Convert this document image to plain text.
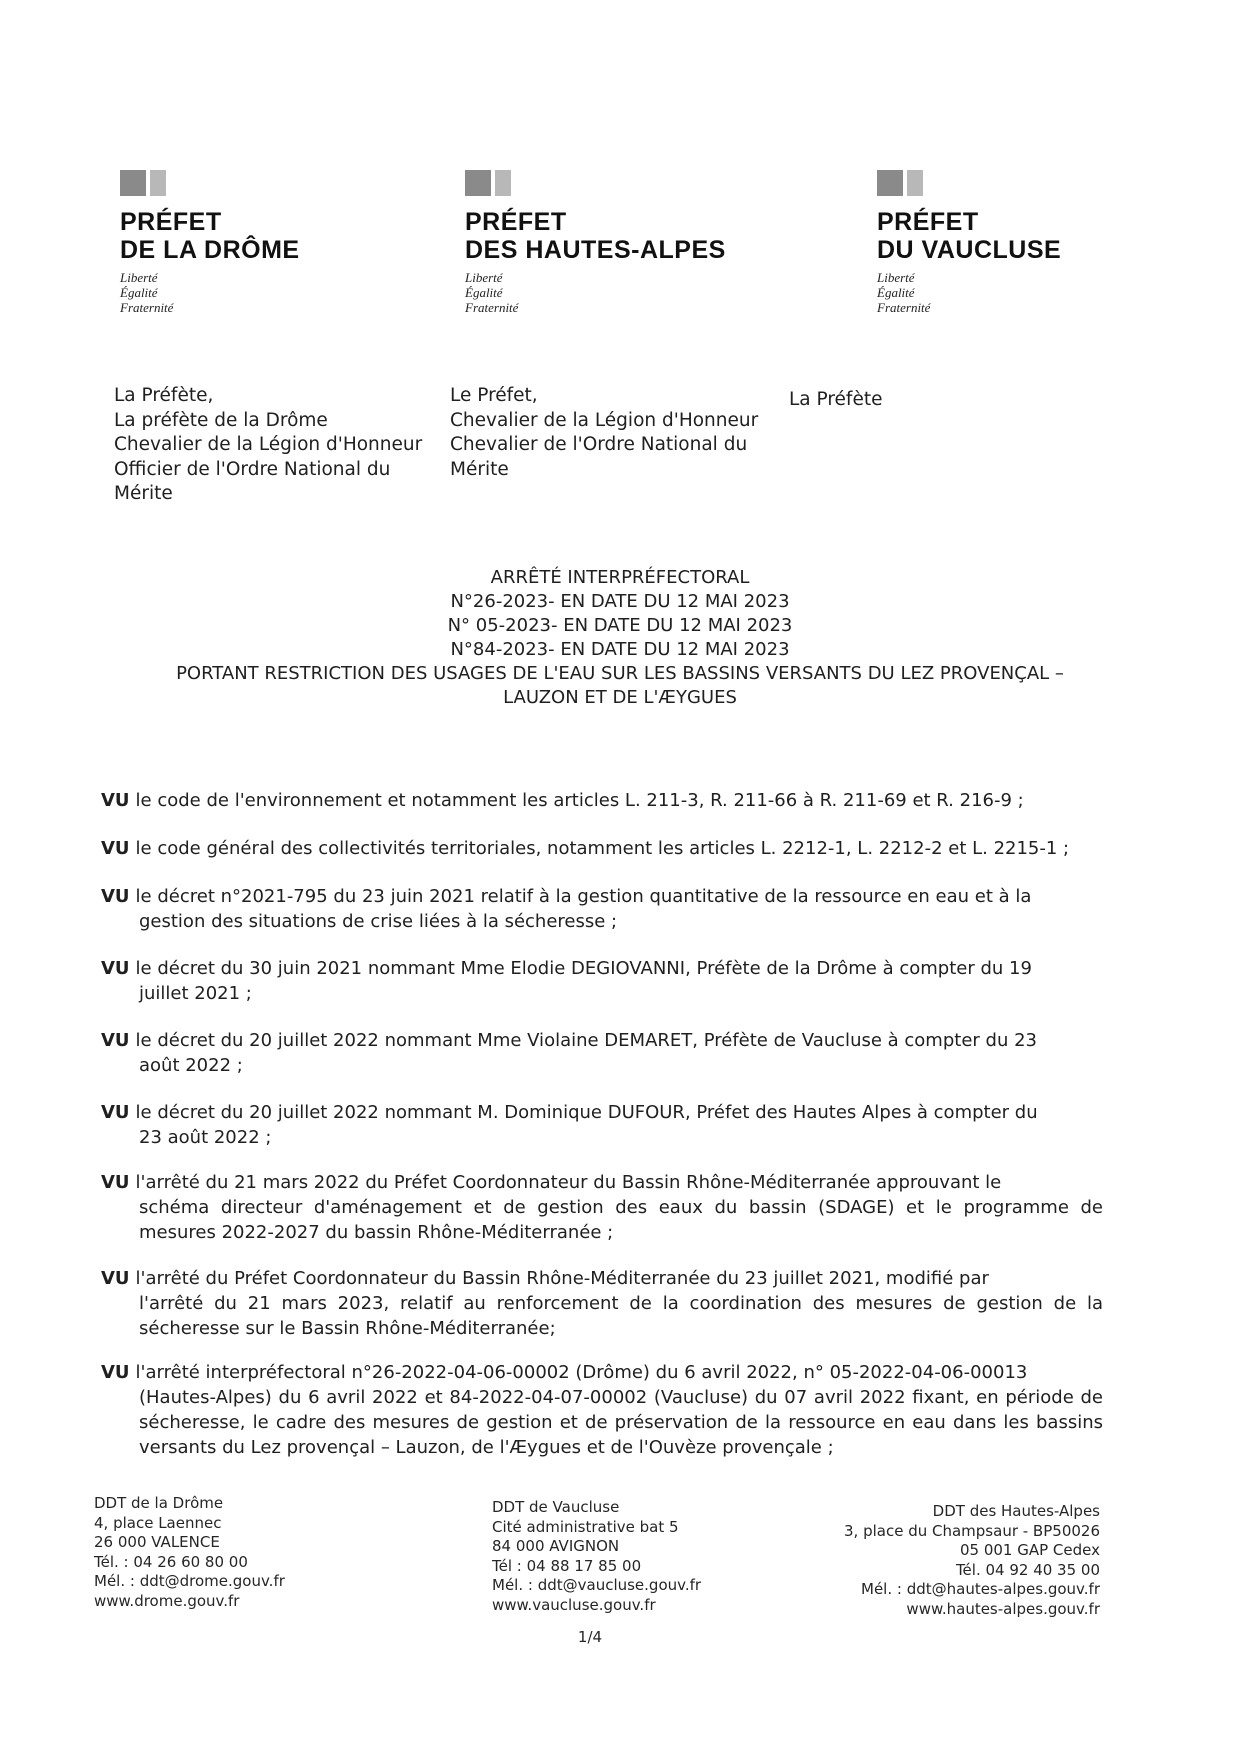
PRÉFET
DE LA DRÔME
Liberté
Égalité
Fraternité
PRÉFET
DES HAUTES-ALPES
Liberté
Égalité
Fraternité
PRÉFET
DU VAUCLUSE
Liberté
Égalité
Fraternité
La Préfète,
La préfète de la Drôme
Chevalier de la Légion d'Honneur
Officier de l'Ordre National du
Mérite
Le Préfet,
Chevalier de la Légion d'Honneur
Chevalier de l'Ordre National du
Mérite
La Préfète
ARRÊTÉ INTERPRÉFECTORAL
N°26-2023- EN DATE DU 12 MAI 2023
N° 05-2023- EN DATE DU 12 MAI 2023
N°84-2023- EN DATE DU 12 MAI 2023
PORTANT RESTRICTION DES USAGES DE L'EAU SUR LES BASSINS VERSANTS DU LEZ PROVENÇAL –
LAUZON ET DE L'ÆYGUES
VU le code de l'environnement et notamment les articles L. 211-3, R. 211-66 à R. 211-69 et R. 216-9 ;
VU le code général des collectivités territoriales, notamment les articles L. 2212-1, L. 2212-2 et L. 2215-1 ;
VU le décret n°2021-795 du 23 juin 2021 relatif à la gestion quantitative de la ressource en eau et à la
gestion des situations de crise liées à la sécheresse ;
VU le décret du 30 juin 2021 nommant Mme Elodie DEGIOVANNI, Préfète de la Drôme à compter du 19
juillet 2021 ;
VU le décret du 20 juillet 2022 nommant Mme Violaine DEMARET, Préfète de Vaucluse à compter du 23
août 2022 ;
VU le décret du 20 juillet 2022 nommant M. Dominique DUFOUR, Préfet des Hautes Alpes à compter du
23 août 2022 ;
VU l'arrêté du 21 mars 2022 du Préfet Coordonnateur du Bassin Rhône-Méditerranée approuvant le
schéma directeur d'aménagement et de gestion des eaux du bassin (SDAGE) et le programme de mesures 2022-2027 du bassin Rhône-Méditerranée ;
VU l'arrêté du Préfet Coordonnateur du Bassin Rhône-Méditerranée du 23 juillet 2021, modifié par
l'arrêté du 21 mars 2023, relatif au renforcement de la coordination des mesures de gestion de la sécheresse sur le Bassin Rhône-Méditerranée;
VU l'arrêté interpréfectoral n°26-2022-04-06-00002 (Drôme) du 6 avril 2022, n° 05-2022-04-06-00013
(Hautes-Alpes) du 6 avril 2022 et 84-2022-04-07-00002 (Vaucluse) du 07 avril 2022 fixant, en période de sécheresse, le cadre des mesures de gestion et de préservation de la ressource en eau dans les bassins versants du Lez provençal – Lauzon, de l'Æygues et de l'Ouvèze provençale ;
DDT de la Drôme
4, place Laennec
26 000 VALENCE
Tél. : 04 26 60 80 00
Mél. : ddt@drome.gouv.fr
www.drome.gouv.fr
DDT de Vaucluse
Cité administrative bat 5
84 000 AVIGNON
Tél : 04 88 17 85 00
Mél. : ddt@vaucluse.gouv.fr
www.vaucluse.gouv.fr
DDT des Hautes-Alpes
3, place du Champsaur - BP50026
05 001 GAP Cedex
Tél. 04 92 40 35 00
Mél. : ddt@hautes-alpes.gouv.fr
www.hautes-alpes.gouv.fr
1/4
